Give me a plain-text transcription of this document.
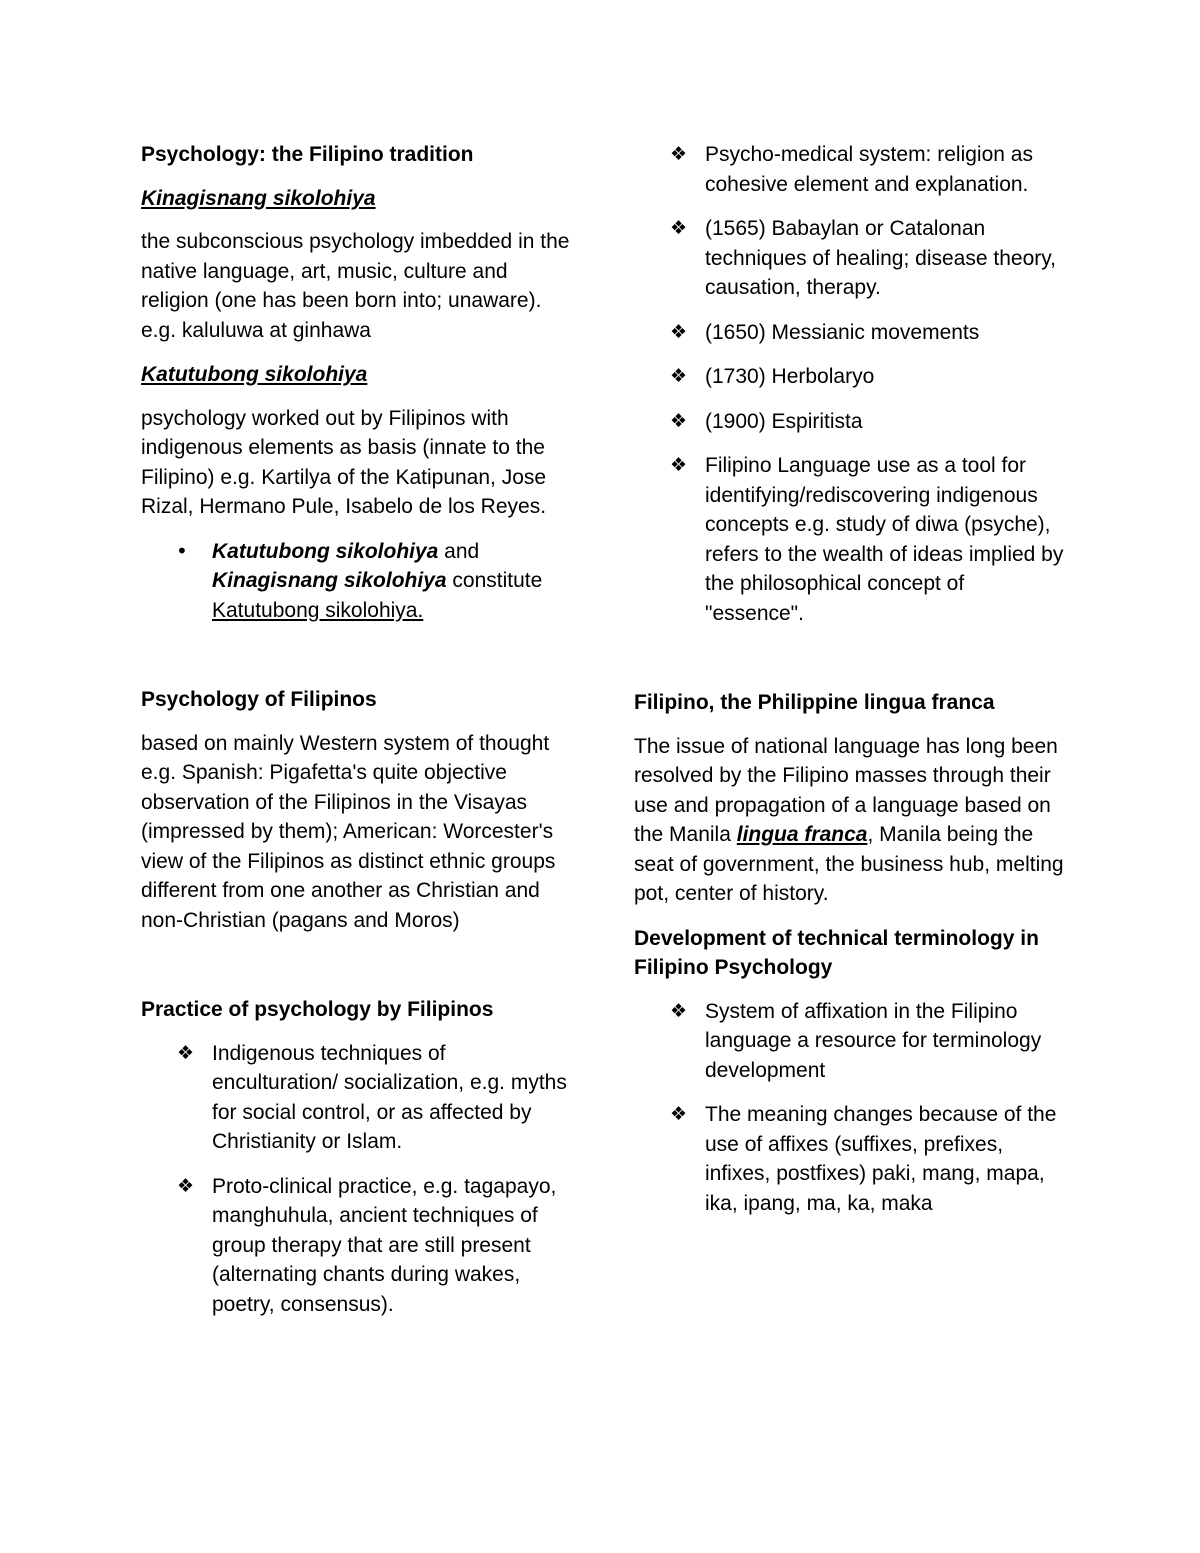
Psychology: the Filipino tradition
Kinagisnang sikolohiya

the subconscious psychology imbedded in the native language, art, music, culture and religion (one has been born into; unaware). e.g. kaluluwa at ginhawa

Katutubong sikolohiya

psychology worked out by Filipinos with indigenous elements as basis (innate to the Filipino) e.g. Kartilya of the Katipunan, Jose Rizal, Hermano Pule, Isabelo de los Reyes.

• Katutubong sikolohiya and Kinagisnang sikolohiya constitute Katutubong sikolohiya.
Psychology of Filipinos

based on mainly Western system of thought e.g. Spanish: Pigafetta's quite objective observation of the Filipinos in the Visayas (impressed by them); American: Worcester's view of the Filipinos as distinct ethnic groups different from one another as Christian and non-Christian (pagans and Moros)

Practice of psychology by Filipinos
❖ Indigenous techniques of enculturation/ socialization, e.g. myths for social control, or as affected by Christianity or Islam.
❖ Proto-clinical practice, e.g. tagapayo, manghuhula, ancient techniques of group therapy that are still present (alternating chants during wakes, poetry, consensus).
❖ Psycho-medical system: religion as cohesive element and explanation.
❖ (1565) Babaylan or Catalonan techniques of healing; disease theory, causation, therapy.
❖ (1650) Messianic movements
❖ (1730) Herbolaryo
❖ (1900) Espiritista
❖ Filipino Language use as a tool for identifying/rediscovering indigenous concepts e.g. study of diwa (psyche), refers to the wealth of ideas implied by the philosophical concept of "essence".
Filipino, the Philippine lingua franca

The issue of national language has long been resolved by the Filipino masses through their use and propagation of a language based on the Manila lingua franca, Manila being the seat of government, the business hub, melting pot, center of history.

Development of technical terminology in Filipino Psychology
❖ System of affixation in the Filipino language a resource for terminology development
❖ The meaning changes because of the use of affixes (suffixes, prefixes, infixes, postfixes) paki, mang, mapa, ika, ipang, ma, ka, maka
